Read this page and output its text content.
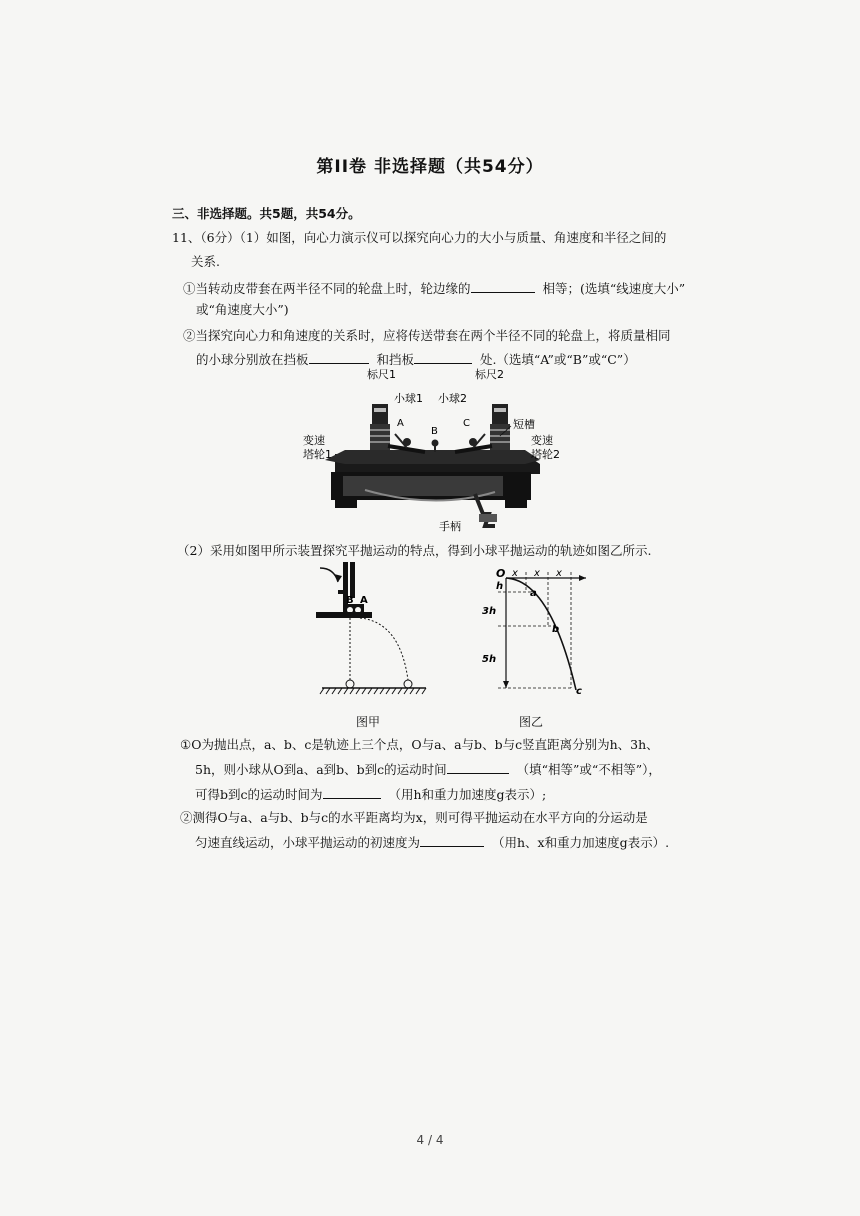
第II卷 非选择题（共54分）
三、非选择题。共5题，共54分。
11、（6分）（1）如图，向心力演示仪可以探究向心力的大小与质量、角速度和半径之间的
关系.
①当转动皮带套在两半径不同的轮盘上时，轮边缘的	相等；(选填“线速度大小”
或“角速度大小”)
②当探究向心力和角速度的关系时，应将传送带套在两个半径不同的轮盘上，将质量相同
的小球分别放在挡板	和挡板	处.（选填“A”或“B”或“C”）
标尺1	标尺2
小球1 小球2
A
B
C	短槽
变速
塔轮1
变速
塔轮2
手柄
（2）采用如图甲所示装置探究平抛运动的特点，得到小球平抛运动的轨迹如图乙所示.
B A
O x x x
h
3h
5h
a
b
c
图甲	图乙
①O为抛出点，a、b、c是轨迹上三个点，O与a、a与b、b与c竖直距离分别为h、3h、
5h，则小球从O到a、a到b、b到c的运动时间	（填“相等”或“不相等”），
可得b到c的运动时间为	（用h和重力加速度g表示）;
②测得O与a、a与b、b与c的水平距离均为x，则可得平抛运动在水平方向的分运动是
匀速直线运动，小球平抛运动的初速度为	（用h、x和重力加速度g表示）.
4 / 4
